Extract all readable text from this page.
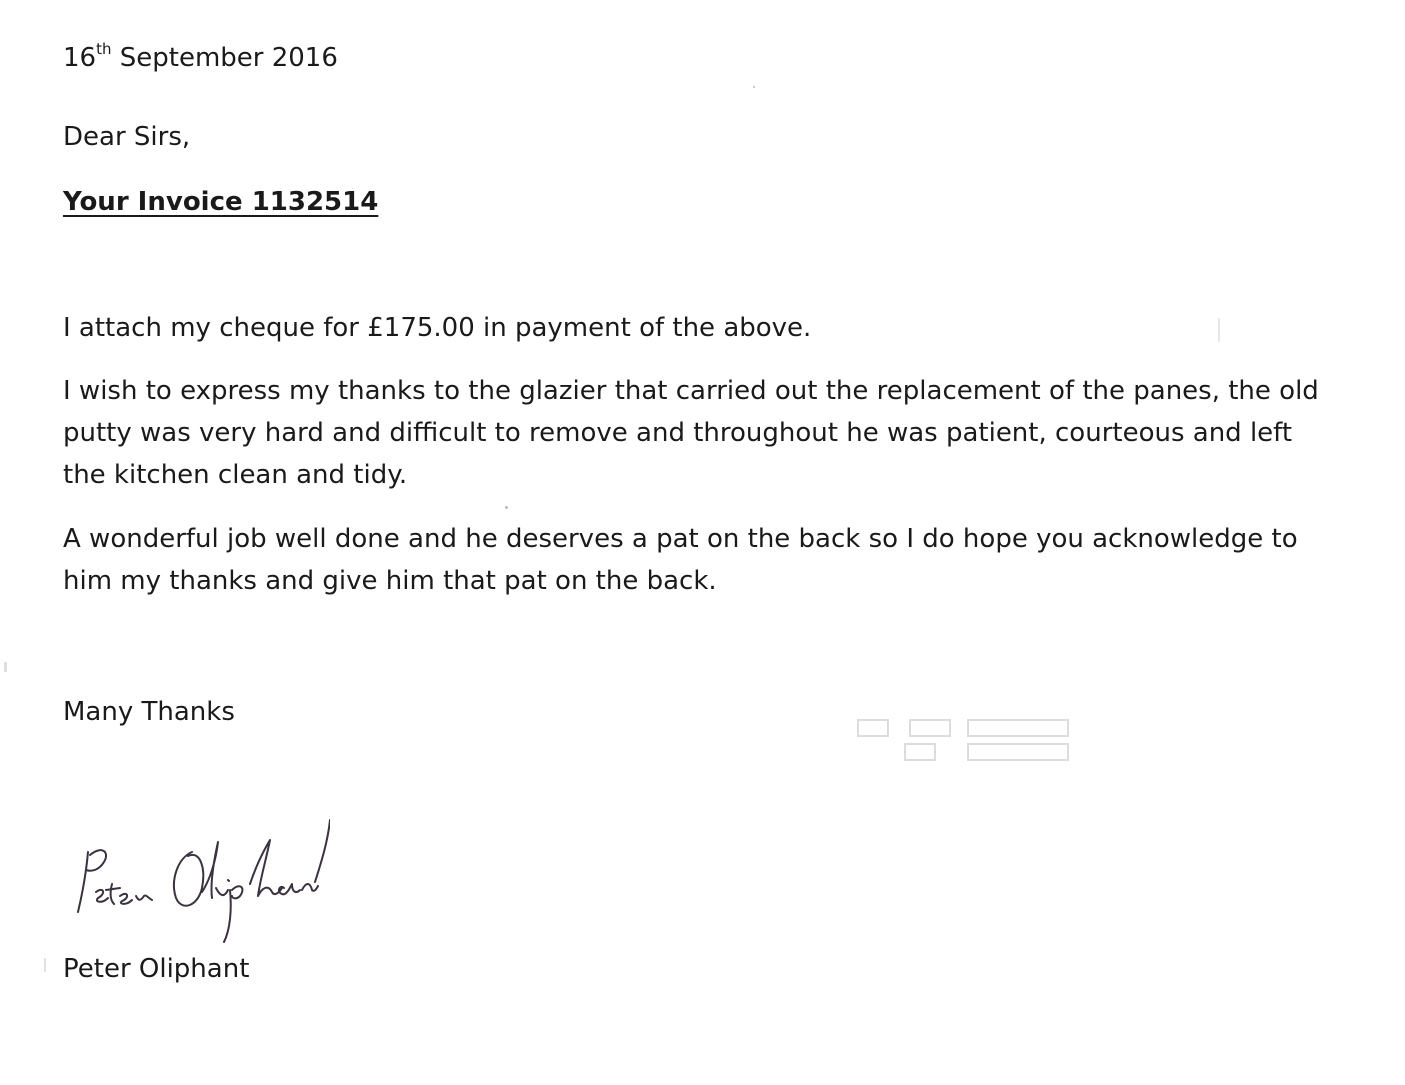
16th September 2016
Dear Sirs,
Your Invoice 1132514
I attach my cheque for £175.00 in payment of the above.
I wish to express my thanks to the glazier that carried out the replacement of the panes, the old putty was very hard and difficult to remove and throughout he was patient, courteous and left the kitchen clean and tidy.
A wonderful job well done and he deserves a pat on the back so I do hope you acknowledge to him my thanks and give him that pat on the back.
Many Thanks
Peter Oliphant
